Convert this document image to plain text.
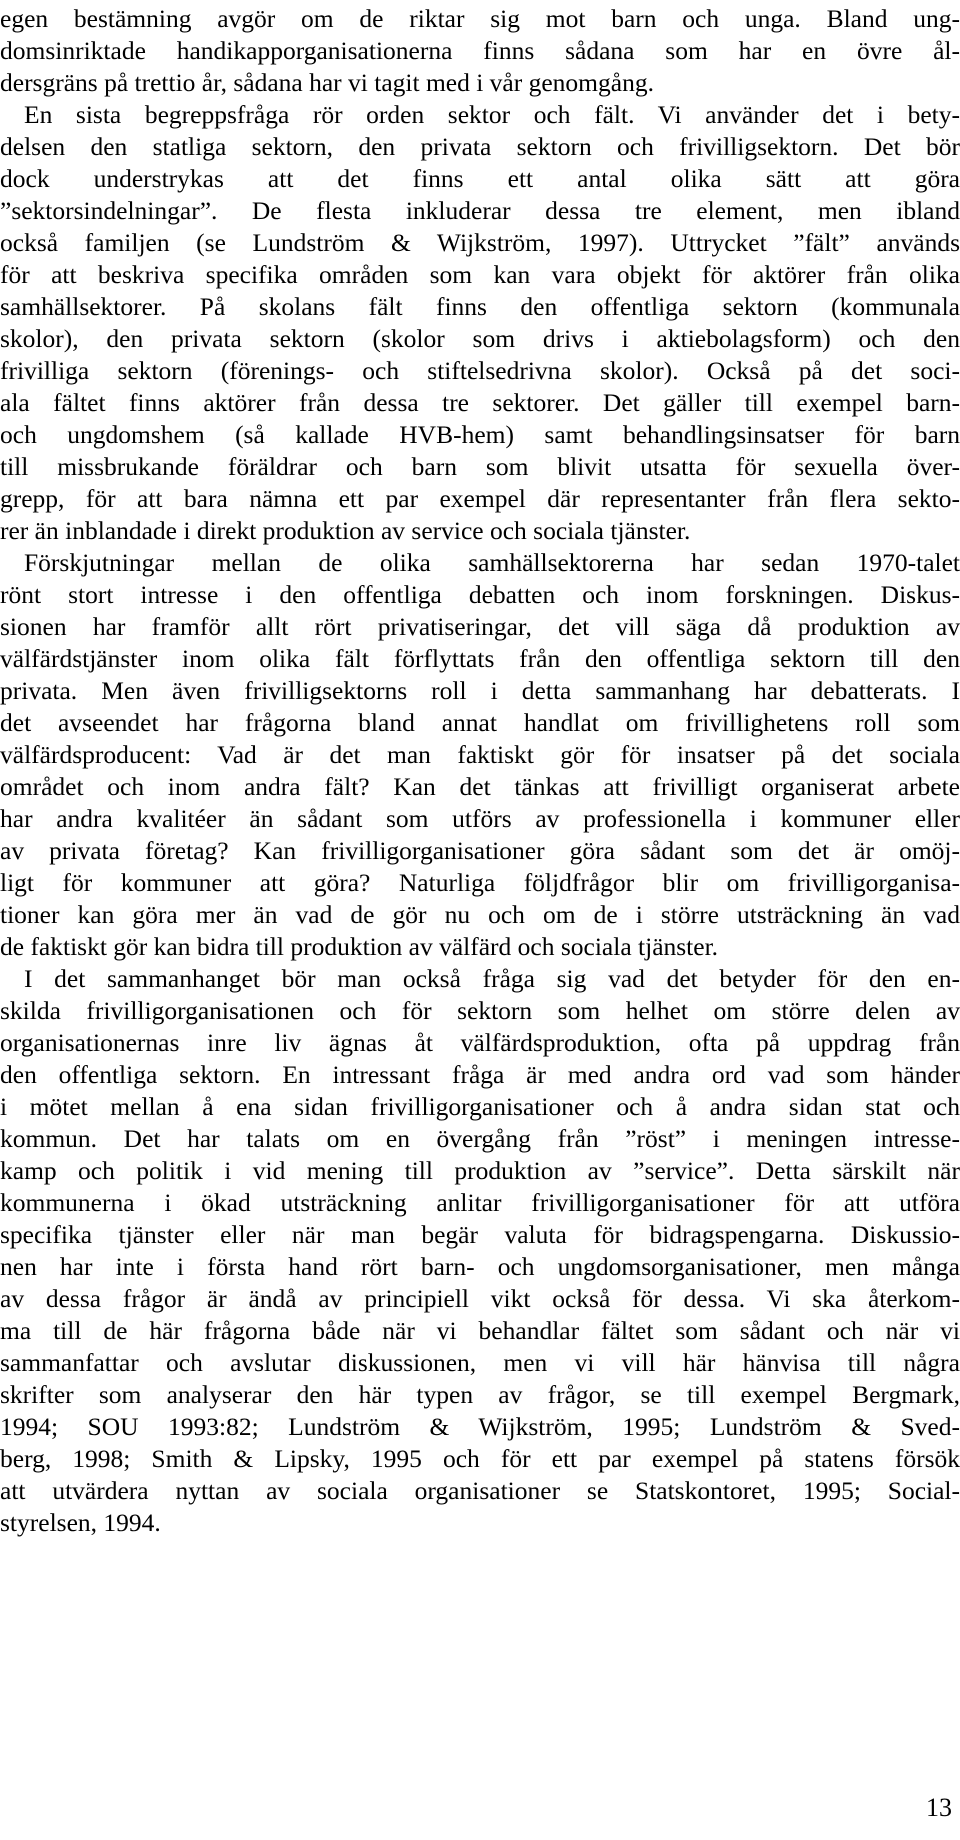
egen bestämning avgör om de riktar sig mot barn och unga. Bland ung-
domsinriktade handikapporganisationerna finns sådana som har en övre ål-
dersgräns på trettio år, sådana har vi tagit med i vår genomgång.
En sista begreppsfråga rör orden sektor och fält. Vi använder det i bety-
delsen den statliga sektorn, den privata sektorn och frivilligsektorn. Det bör
dock understrykas att det finns ett antal olika sätt att göra
”sektorsindelningar”. De flesta inkluderar dessa tre element, men ibland
också familjen (se Lundström & Wijkström, 1997). Uttrycket ”fält” används
för att beskriva specifika områden som kan vara objekt för aktörer från olika
samhällsektorer. På skolans fält finns den offentliga sektorn (kommunala
skolor), den privata sektorn (skolor som drivs i aktiebolagsform) och den
frivilliga sektorn (förenings- och stiftelsedrivna skolor). Också på det soci-
ala fältet finns aktörer från dessa tre sektorer. Det gäller till exempel barn-
och ungdomshem (så kallade HVB-hem) samt behandlingsinsatser för barn
till missbrukande föräldrar och barn som blivit utsatta för sexuella över-
grepp, för att bara nämna ett par exempel där representanter från flera sekto-
rer än inblandade i direkt produktion av service och sociala tjänster.
Förskjutningar mellan de olika samhällsektorerna har sedan 1970-talet
rönt stort intresse i den offentliga debatten och inom forskningen. Diskus-
sionen har framför allt rört privatiseringar, det vill säga då produktion av
välfärdstjänster inom olika fält förflyttats från den offentliga sektorn till den
privata. Men även frivilligsektorns roll i detta sammanhang har debatterats. I
det avseendet har frågorna bland annat handlat om frivillighetens roll som
välfärdsproducent: Vad är det man faktiskt gör för insatser på det sociala
området och inom andra fält? Kan det tänkas att frivilligt organiserat arbete
har andra kvalitéer än sådant som utförs av professionella i kommuner eller
av privata företag? Kan frivilligorganisationer göra sådant som det är omöj-
ligt för kommuner att göra? Naturliga följdfrågor blir om frivilligorganisa-
tioner kan göra mer än vad de gör nu och om de i större utsträckning än vad
de faktiskt gör kan bidra till produktion av välfärd och sociala tjänster.
I det sammanhanget bör man också fråga sig vad det betyder för den en-
skilda frivilligorganisationen och för sektorn som helhet om större delen av
organisationernas inre liv ägnas åt välfärdsproduktion, ofta på uppdrag från
den offentliga sektorn. En intressant fråga är med andra ord vad som händer
i mötet mellan å ena sidan frivilligorganisationer och å andra sidan stat och
kommun. Det har talats om en övergång från ”röst” i meningen intresse-
kamp och politik i vid mening till produktion av ”service”. Detta särskilt när
kommunerna i ökad utsträckning anlitar frivilligorganisationer för att utföra
specifika tjänster eller när man begär valuta för bidragspengarna. Diskussio-
nen har inte i första hand rört barn- och ungdomsorganisationer, men många
av dessa frågor är ändå av principiell vikt också för dessa. Vi ska återkom-
ma till de här frågorna både när vi behandlar fältet som sådant och när vi
sammanfattar och avslutar diskussionen, men vi vill här hänvisa till några
skrifter som analyserar den här typen av frågor, se till exempel Bergmark,
1994; SOU 1993:82; Lundström & Wijkström, 1995; Lundström & Sved-
berg, 1998; Smith & Lipsky, 1995 och för ett par exempel på statens försök
att utvärdera nyttan av sociala organisationer se Statskontoret, 1995; Social-
styrelsen, 1994.
13
